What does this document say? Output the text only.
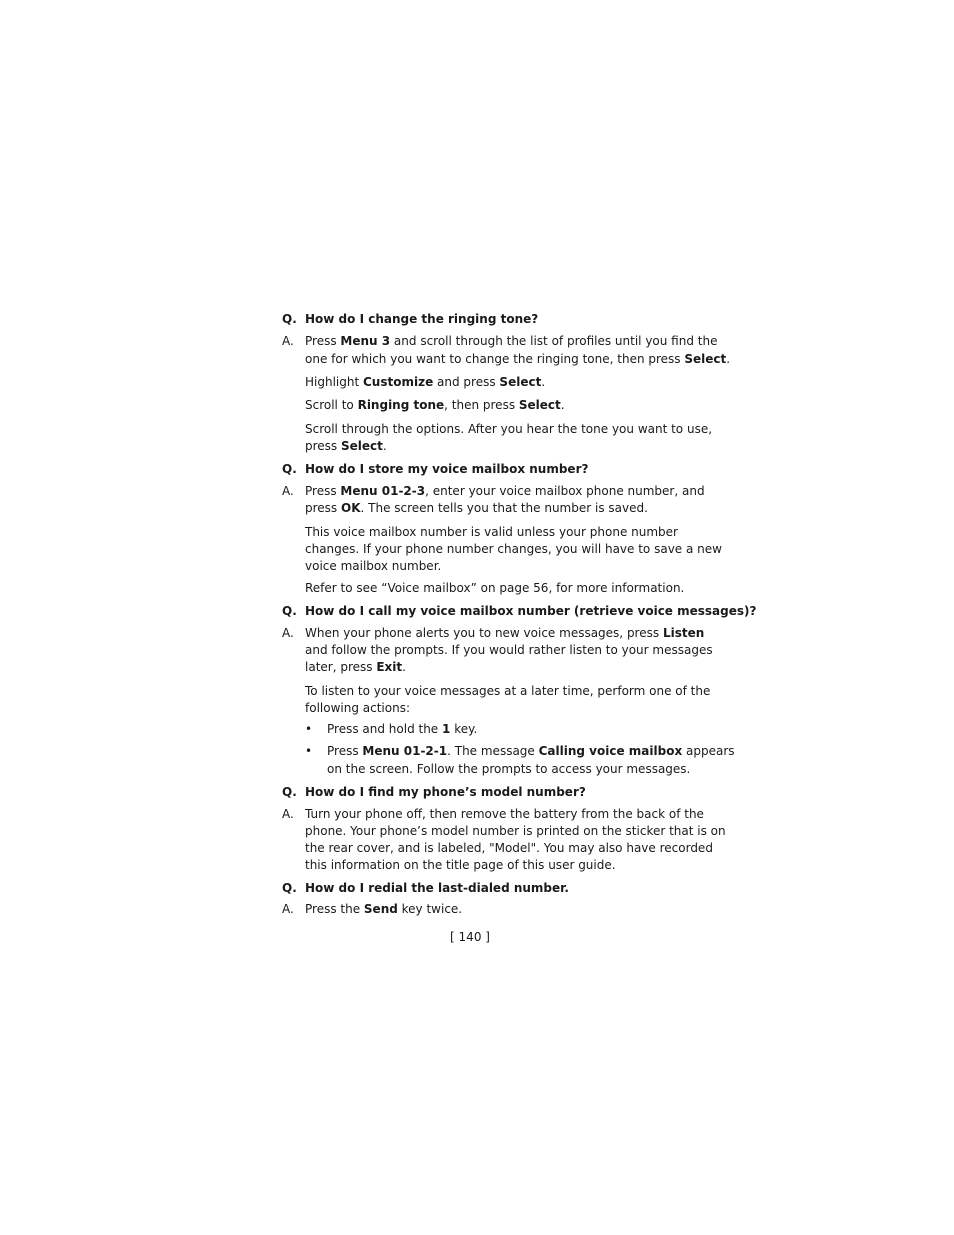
Q. How do I change the ringing tone?
A. Press Menu 3 and scroll through the list of profiles until you find the
one for which you want to change the ringing tone, then press Select.
Highlight Customize and press Select.
Scroll to Ringing tone, then press Select.
Scroll through the options. After you hear the tone you want to use,
press Select.
Q. How do I store my voice mailbox number?
A. Press Menu 01-2-3, enter your voice mailbox phone number, and
press OK. The screen tells you that the number is saved.
This voice mailbox number is valid unless your phone number
changes. If your phone number changes, you will have to save a new
voice mailbox number.
Refer to see “Voice mailbox” on page 56, for more information.
Q. How do I call my voice mailbox number (retrieve voice messages)?
A. When your phone alerts you to new voice messages, press Listen
and follow the prompts. If you would rather listen to your messages
later, press Exit.
To listen to your voice messages at a later time, perform one of the
following actions:
• Press and hold the 1 key.
• Press Menu 01-2-1. The message Calling voice mailbox appears
on the screen. Follow the prompts to access your messages.
Q. How do I find my phone’s model number?
A. Turn your phone off, then remove the battery from the back of the
phone. Your phone’s model number is printed on the sticker that is on
the rear cover, and is labeled, "Model". You may also have recorded
this information on the title page of this user guide.
Q. How do I redial the last-dialed number.
A. Press the Send key twice.
[ 140 ]
